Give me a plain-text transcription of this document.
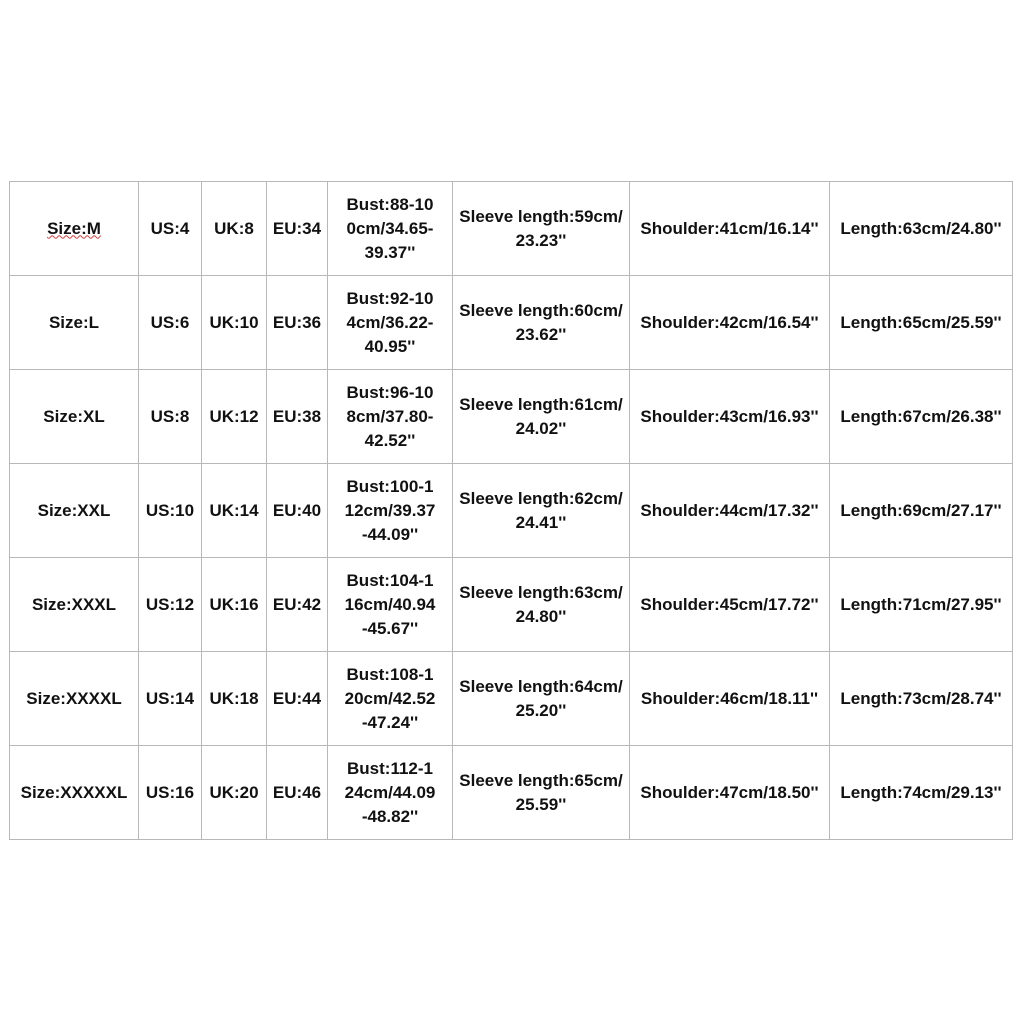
Size:M	US:4	UK:8	EU:34	Bust:88-100cm/34.65-39.37''	Sleeve length:59cm/23.23''	Shoulder:41cm/16.14''	Length:63cm/24.80''
Size:L	US:6	UK:10	EU:36	Bust:92-104cm/36.22-40.95''	Sleeve length:60cm/23.62''	Shoulder:42cm/16.54''	Length:65cm/25.59''
Size:XL	US:8	UK:12	EU:38	Bust:96-108cm/37.80-42.52''	Sleeve length:61cm/24.02''	Shoulder:43cm/16.93''	Length:67cm/26.38''
Size:XXL	US:10	UK:14	EU:40	Bust:100-112cm/39.37-44.09''	Sleeve length:62cm/24.41''	Shoulder:44cm/17.32''	Length:69cm/27.17''
Size:XXXL	US:12	UK:16	EU:42	Bust:104-116cm/40.94-45.67''	Sleeve length:63cm/24.80''	Shoulder:45cm/17.72''	Length:71cm/27.95''
Size:XXXXL	US:14	UK:18	EU:44	Bust:108-120cm/42.52-47.24''	Sleeve length:64cm/25.20''	Shoulder:46cm/18.11''	Length:73cm/28.74''
Size:XXXXXL	US:16	UK:20	EU:46	Bust:112-124cm/44.09-48.82''	Sleeve length:65cm/25.59''	Shoulder:47cm/18.50''	Length:74cm/29.13''
